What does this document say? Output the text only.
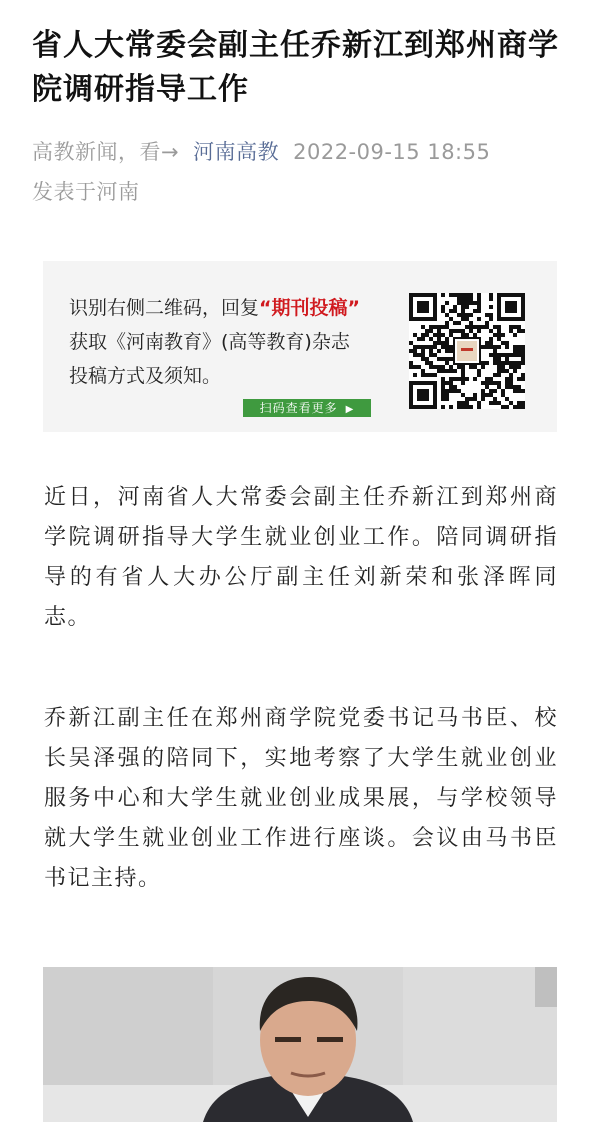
省人大常委会副主任乔新江到郑州商学院调研指导工作
高教新闻，看→ 河南高教 2022-09-15 18:55
发表于河南
识别右侧二维码，回复“期刊投稿”
获取《河南教育》(高等教育)杂志
投稿方式及须知。
扫码查看更多 ▶

近日，河南省人大常委会副主任乔新江到郑州商学院调研指导大学生就业创业工作。陪同调研指导的有省人大办公厅副主任刘新荣和张泽晖同志。

乔新江副主任在郑州商学院党委书记马书臣、校长吴泽强的陪同下，实地考察了大学生就业创业服务中心和大学生就业创业成果展，与学校领导就大学生就业创业工作进行座谈。会议由马书臣书记主持。
